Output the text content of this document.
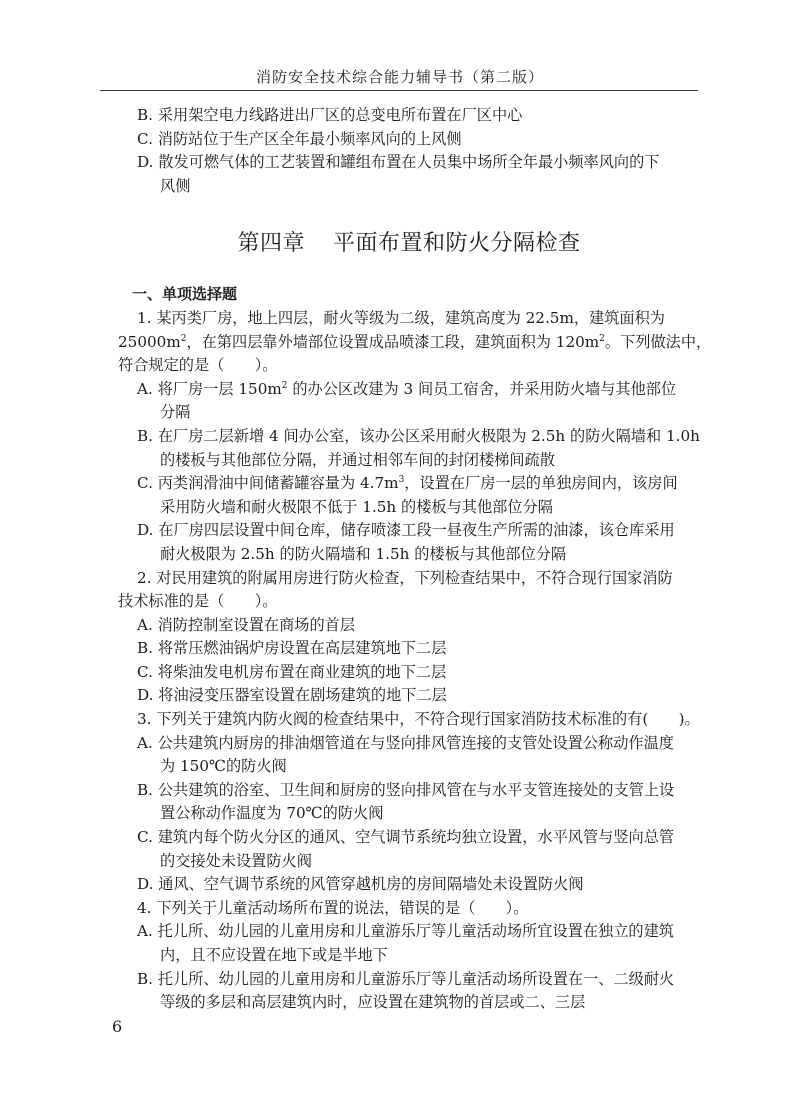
消防安全技术综合能力辅导书（第二版）
B. 采用架空电力线路进出厂区的总变电所布置在厂区中心
C. 消防站位于生产区全年最小频率风向的上风侧
D. 散发可燃气体的工艺装置和罐组布置在人员集中场所全年最小频率风向的下
风侧
第四章 平面布置和防火分隔检查
一、单项选择题
1. 某丙类厂房，地上四层，耐火等级为二级，建筑高度为 22.5m，建筑面积为
$25000m^2$，在第四层靠外墙部位设置成品喷漆工段，建筑面积为 $120m^2$。下列做法中，
符合规定的是（　　）。
A. 将厂房一层 $150m^2$ 的办公区改建为 3 间员工宿舍，并采用防火墙与其他部位
分隔
B. 在厂房二层新增 4 间办公室，该办公区采用耐火极限为 2.5h 的防火隔墙和 1.0h
的楼板与其他部位分隔，并通过相邻车间的封闭楼梯间疏散
C. 丙类润滑油中间储蓄罐容量为 $4.7m^3$，设置在厂房一层的单独房间内，该房间
采用防火墙和耐火极限不低于 1.5h 的楼板与其他部位分隔
D. 在厂房四层设置中间仓库，储存喷漆工段一昼夜生产所需的油漆，该仓库采用
耐火极限为 2.5h 的防火隔墙和 1.5h 的楼板与其他部位分隔
2. 对民用建筑的附属用房进行防火检查，下列检查结果中，不符合现行国家消防
技术标准的是（　　）。
A. 消防控制室设置在商场的首层
B. 将常压燃油锅炉房设置在高层建筑地下二层
C. 将柴油发电机房布置在商业建筑的地下二层
D. 将油浸变压器室设置在剧场建筑的地下二层
3. 下列关于建筑内防火阀的检查结果中，不符合现行国家消防技术标准的有(　　)。
A. 公共建筑内厨房的排油烟管道在与竖向排风管连接的支管处设置公称动作温度
为 150℃的防火阀
B. 公共建筑的浴室、卫生间和厨房的竖向排风管在与水平支管连接处的支管上设
置公称动作温度为 70℃的防火阀
C. 建筑内每个防火分区的通风、空气调节系统均独立设置，水平风管与竖向总管
的交接处未设置防火阀
D. 通风、空气调节系统的风管穿越机房的房间隔墙处未设置防火阀
4. 下列关于儿童活动场所布置的说法，错误的是（　　）。
A. 托儿所、幼儿园的儿童用房和儿童游乐厅等儿童活动场所宜设置在独立的建筑
内，且不应设置在地下或是半地下
B. 托儿所、幼儿园的儿童用房和儿童游乐厅等儿童活动场所设置在一、二级耐火
等级的多层和高层建筑内时，应设置在建筑物的首层或二、三层
6
